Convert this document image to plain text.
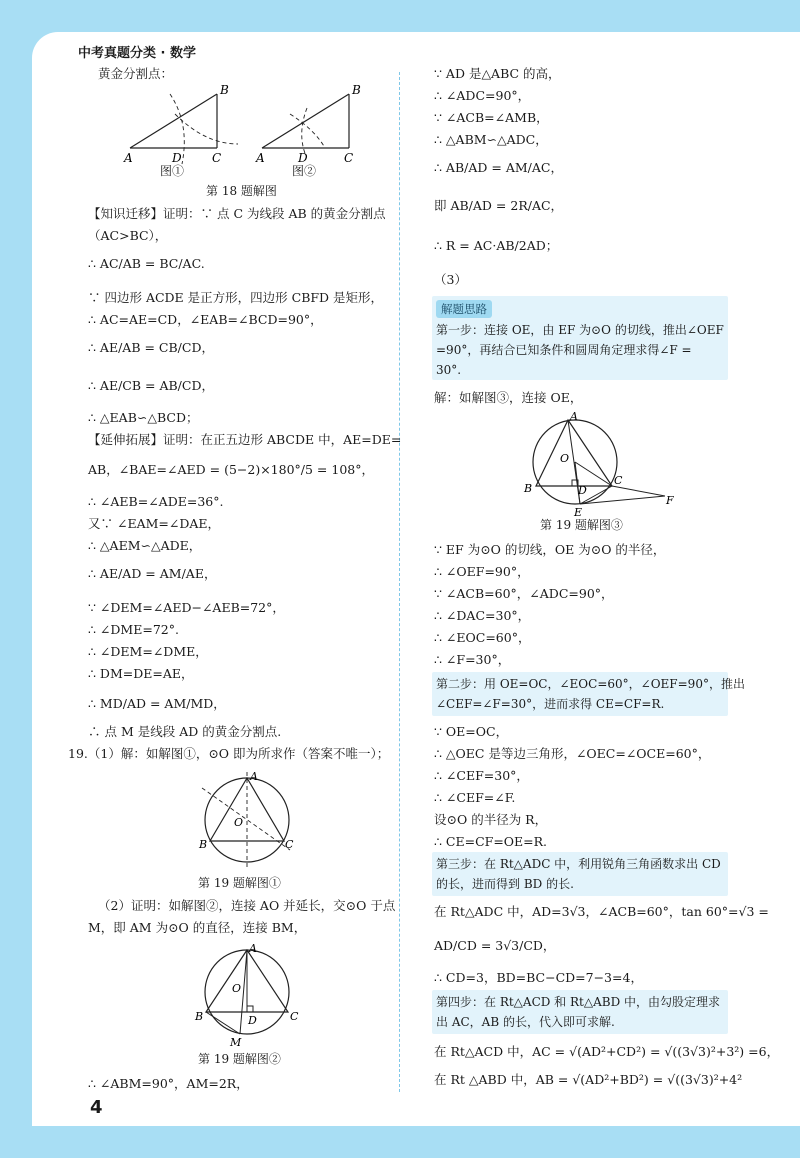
中考真题分类 · 数学
黄金分割点：
A	D	C
B
A	D	C
B
图①	图②
第 18 题解图
【知识迁移】证明：∵ 点 C 为线段 AB 的黄金分割点
（AC>BC），
∴ AC/AB = BC/AC.
∵ 四边形 ACDE 是正方形，四边形 CBFD 是矩形，
∴ AC=AE=CD，∠EAB=∠BCD=90°，
∴ AE/AB = CB/CD，
∴ AE/CB = AB/CD，
∴ △EAB∽△BCD；
【延伸拓展】证明：在正五边形 ABCDE 中，AE=DE=
AB，∠BAE=∠AED = (5−2)×180°/5 = 108°，
∴ ∠AEB=∠ADE=36°.
又∵ ∠EAM=∠DAE，
∴ △AEM∽△ADE，
∴ AE/AD = AM/AE，
∵ ∠DEM=∠AED−∠AEB=72°，
∴ ∠DME=72°.
∴ ∠DEM=∠DME，
∴ DM=DE=AE，
∴ MD/AD = AM/MD，
∴ 点 M 是线段 AD 的黄金分割点.
19.（1）解：如解图①，⊙O 即为所求作（答案不唯一）；
A
B	C
O
第 19 题解图①
（2）证明：如解图②，连接 AO 并延长，交⊙O 于点
M，即 AM 为⊙O 的直径，连接 BM，
A
B	C
D
O
M
第 19 题解图②
∴ ∠ABM=90°，AM=2R，
∵ AD 是△ABC 的高，
∴ ∠ADC=90°，
∵ ∠ACB=∠AMB，
∴ △ABM∽△ADC，
∴ AB/AD = AM/AC，
即 AB/AD = 2R/AC，
∴ R = AC·AB/2AD；
（3）
解题思路
第一步：连接 OE，由 EF 为⊙O 的切线，推出∠OEF
=90°，再结合已知条件和圆周角定理求得∠F =
30°.
解：如解图③，连接 OE，
A
B
C
D
E
F
O
第 19 题解图③
∵ EF 为⊙O 的切线，OE 为⊙O 的半径，
∴ ∠OEF=90°，
∵ ∠ACB=60°，∠ADC=90°，
∴ ∠DAC=30°，
∴ ∠EOC=60°，
∴ ∠F=30°，
第二步：用 OE=OC，∠EOC=60°，∠OEF=90°，推出
∠CEF=∠F=30°，进而求得 CE=CF=R.
∵ OE=OC，
∴ △OEC 是等边三角形，∠OEC=∠OCE=60°，
∴ ∠CEF=30°，
∴ ∠CEF=∠F.
设⊙O 的半径为 R，
∴ CE=CF=OE=R.
第三步：在 Rt△ADC 中，利用锐角三角函数求出 CD
的长，进而得到 BD 的长.
在 Rt△ADC 中，AD=3√3，∠ACB=60°，tan 60°=√3 =
AD/CD = 3√3/CD，
∴ CD=3，BD=BC−CD=7−3=4，
第四步：在 Rt△ACD 和 Rt△ABD 中，由勾股定理求
出 AC，AB 的长，代入即可求解.
在 Rt△ACD 中，AC = √(AD²+CD²) = √((3√3)²+3²) =6，
在 Rt △ABD 中，AB = √(AD²+BD²) = √((3√3)²+4²
4
